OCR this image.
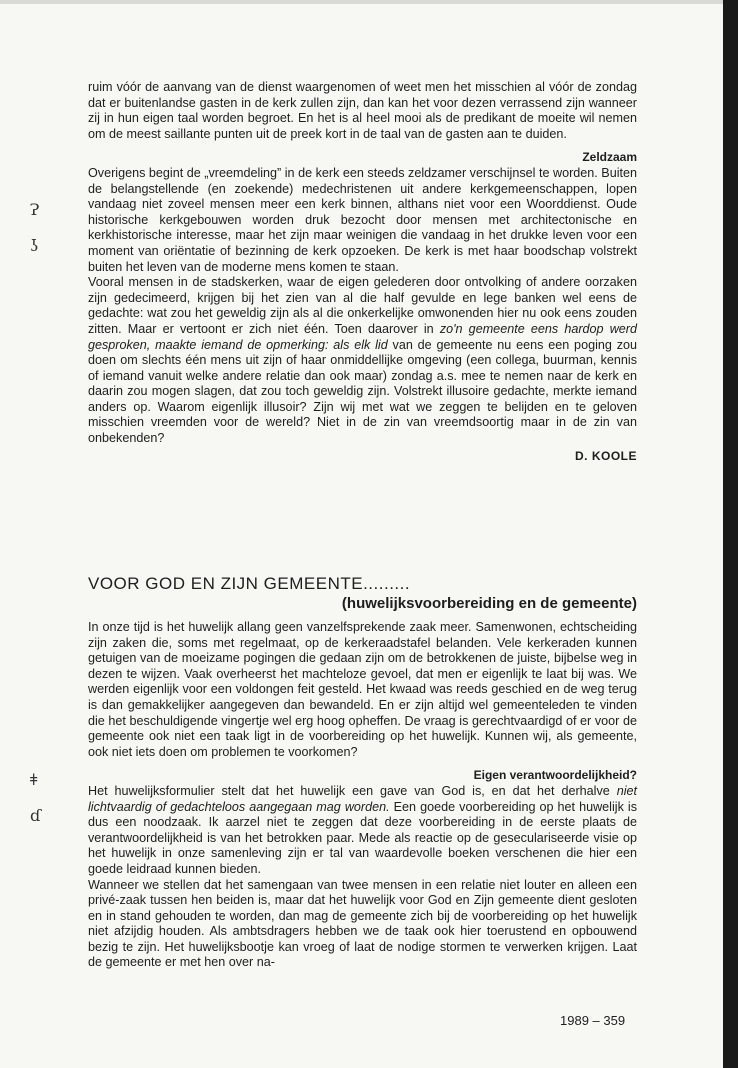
Ɂ
ʖ
ǂ
ɗ

ruim vóór de aanvang van de dienst waargenomen of weet men het misschien al vóór de zondag dat er buitenlandse gasten in de kerk zullen zijn, dan kan het voor dezen verrassend zijn wanneer zij in hun eigen taal worden begroet. En het is al heel mooi als de predikant de moeite wil nemen om de meest saillante punten uit de preek kort in de taal van de gasten aan te duiden.

Zeldzaam

Overigens begint de „vreemdeling” in de kerk een steeds zeldzamer verschijnsel te worden. Buiten de belangstellende (en zoekende) medechristenen uit andere kerkgemeenschappen, lopen vandaag niet zoveel mensen meer een kerk binnen, althans niet voor een Woorddienst. Oude historische kerkgebouwen worden druk bezocht door mensen met architectonische en kerkhistorische interesse, maar het zijn maar weinigen die vandaag in het drukke leven voor een moment van oriëntatie of bezinning de kerk opzoeken. De kerk is met haar boodschap volstrekt buiten het leven van de moderne mens komen te staan.

Vooral mensen in de stadskerken, waar de eigen gelederen door ontvolking of andere oorzaken zijn gedecimeerd, krijgen bij het zien van al die half gevulde en lege banken wel eens de gedachte: wat zou het geweldig zijn als al die onkerkelijke omwonenden hier nu ook eens zouden zitten. Maar er vertoont er zich niet één. Toen daarover in zo'n gemeente eens hardop werd gesproken, maakte iemand de opmerking: als elk lid van de gemeente nu eens een poging zou doen om slechts één mens uit zijn of haar onmiddellijke omgeving (een collega, buurman, kennis of iemand vanuit welke andere relatie dan ook maar) zondag a.s. mee te nemen naar de kerk en daarin zou mogen slagen, dat zou toch geweldig zijn. Volstrekt illusoire gedachte, merkte iemand anders op. Waarom eigenlijk illusoir? Zijn wij met wat we zeggen te belijden en te geloven misschien vreemden voor de wereld? Niet in de zin van vreemdsoortig maar in de zin van onbekenden?

D. KOOLE
VOOR GOD EN ZIJN GEMEENTE.........
(huwelijksvoorbereiding en de gemeente)

In onze tijd is het huwelijk allang geen vanzelfsprekende zaak meer. Samenwonen, echtscheiding zijn zaken die, soms met regelmaat, op de kerkeraadstafel belanden. Vele kerkeraden kunnen getuigen van de moeizame pogingen die gedaan zijn om de betrokkenen de juiste, bijbelse weg in dezen te wijzen. Vaak overheerst het machteloze gevoel, dat men er eigenlijk te laat bij was. We werden eigenlijk voor een voldongen feit gesteld. Het kwaad was reeds geschied en de weg terug is dan gemakkelijker aangegeven dan bewandeld. En er zijn altijd wel gemeenteleden te vinden die het beschuldigende vingertje wel erg hoog opheffen. De vraag is gerechtvaardigd of er voor de gemeente ook niet een taak ligt in de voorbereiding op het huwelijk. Kunnen wij, als gemeente, ook niet iets doen om problemen te voorkomen?

Eigen verantwoordelijkheid?

Het huwelijksformulier stelt dat het huwelijk een gave van God is, en dat het derhalve niet lichtvaardig of gedachteloos aangegaan mag worden. Een goede voorbereiding op het huwelijk is dus een noodzaak. Ik aarzel niet te zeggen dat deze voorbereiding in de eerste plaats de verantwoordelijkheid is van het betrokken paar. Mede als reactie op de geseculariseerde visie op het huwelijk in onze samenleving zijn er tal van waardevolle boeken verschenen die hier een goede leidraad kunnen bieden.

Wanneer we stellen dat het samengaan van twee mensen in een relatie niet louter en alleen een privé-zaak tussen hen beiden is, maar dat het huwelijk voor God en Zijn gemeente dient gesloten en in stand gehouden te worden, dan mag de gemeente zich bij de voorbereiding op het huwelijk niet afzijdig houden. Als ambtsdragers hebben we de taak ook hier toerustend en opbouwend bezig te zijn. Het huwelijksbootje kan vroeg of laat de nodige stormen te verwerken krijgen. Laat de gemeente er met hen over na-

1989 – 359
